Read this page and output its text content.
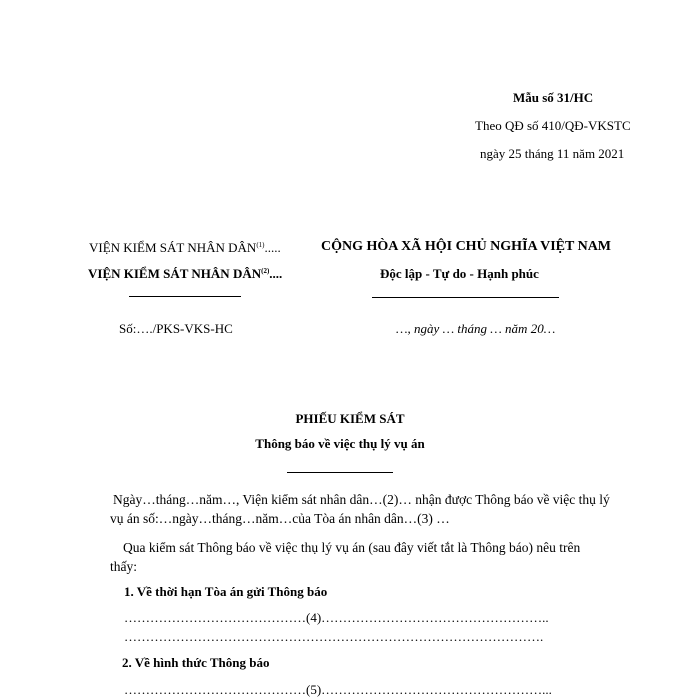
Mẫu số 31/HC
Theo QĐ số 410/QĐ-VKSTC
ngày 25 tháng 11 năm 2021
VIỆN KIỂM SÁT NHÂN DÂN$^{(1)}$.....
VIỆN KIỂM SÁT NHÂN DÂN$^{(2)}$....
Số:…./PKS-VKS-HC
CỘNG HÒA XÃ HỘI CHỦ NGHĨA VIỆT NAM
Độc lập - Tự do - Hạnh phúc
…, ngày … tháng … năm 20…
PHIẾU KIỂM SÁT
Thông báo về việc thụ lý vụ án
Ngày…tháng…năm…, Viện kiểm sát nhân dân…(2)… nhận được Thông báo về việc thụ lý
vụ án số:…ngày…tháng…năm…của Tòa án nhân dân…(3) …
Qua kiểm sát Thông báo về việc thụ lý vụ án (sau đây viết tắt là Thông báo) nêu trên
thấy:
1. Về thời hạn Tòa án gửi Thông báo
……………………………………(4)……………………………………………..
…………………………………………………………………………………….
2. Về hình thức Thông báo
……………………………………(5)……………………………………………...
